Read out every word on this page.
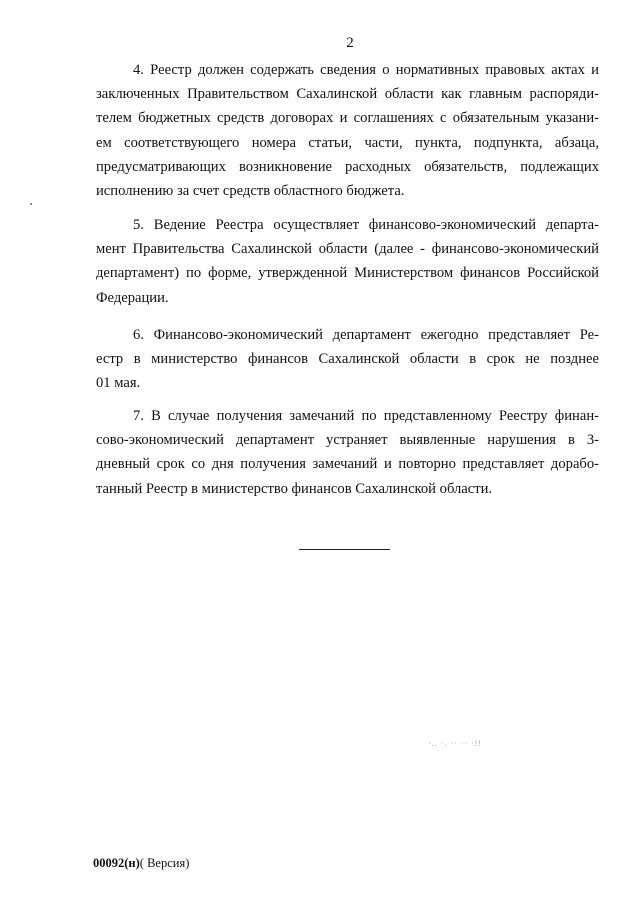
2

4. Реестр должен содержать сведения о нормативных правовых актах и
заключенных Правительством Сахалинской области как главным распоряди-
телем бюджетных средств договорах и соглашениях с обязательным указани-
ем соответствующего номера статьи, части, пункта, подпункта, абзаца,
предусматривающих возникновение расходных обязательств, подлежащих
исполнению за счет средств областного бюджета.

5. Ведение Реестра осуществляет финансово-экономический департа-
мент Правительства Сахалинской области (далее - финансово-экономический
департамент) по форме, утвержденной Министерством финансов Российской
Федерации.

6. Финансово-экономический департамент ежегодно представляет Ре-
естр в министерство финансов Сахалинской области в срок не позднее
01 мая.

7. В случае получения замечаний по представленному Реестру финан-
сово-экономический департамент устраняет выявленные нарушения в 3-
дневный срок со дня получения замечаний и повторно представляет дорабо-
танный Реестр в министерство финансов Сахалинской области.

·.. ·. ·· ·· ·!!
00092(н)( Версия)
